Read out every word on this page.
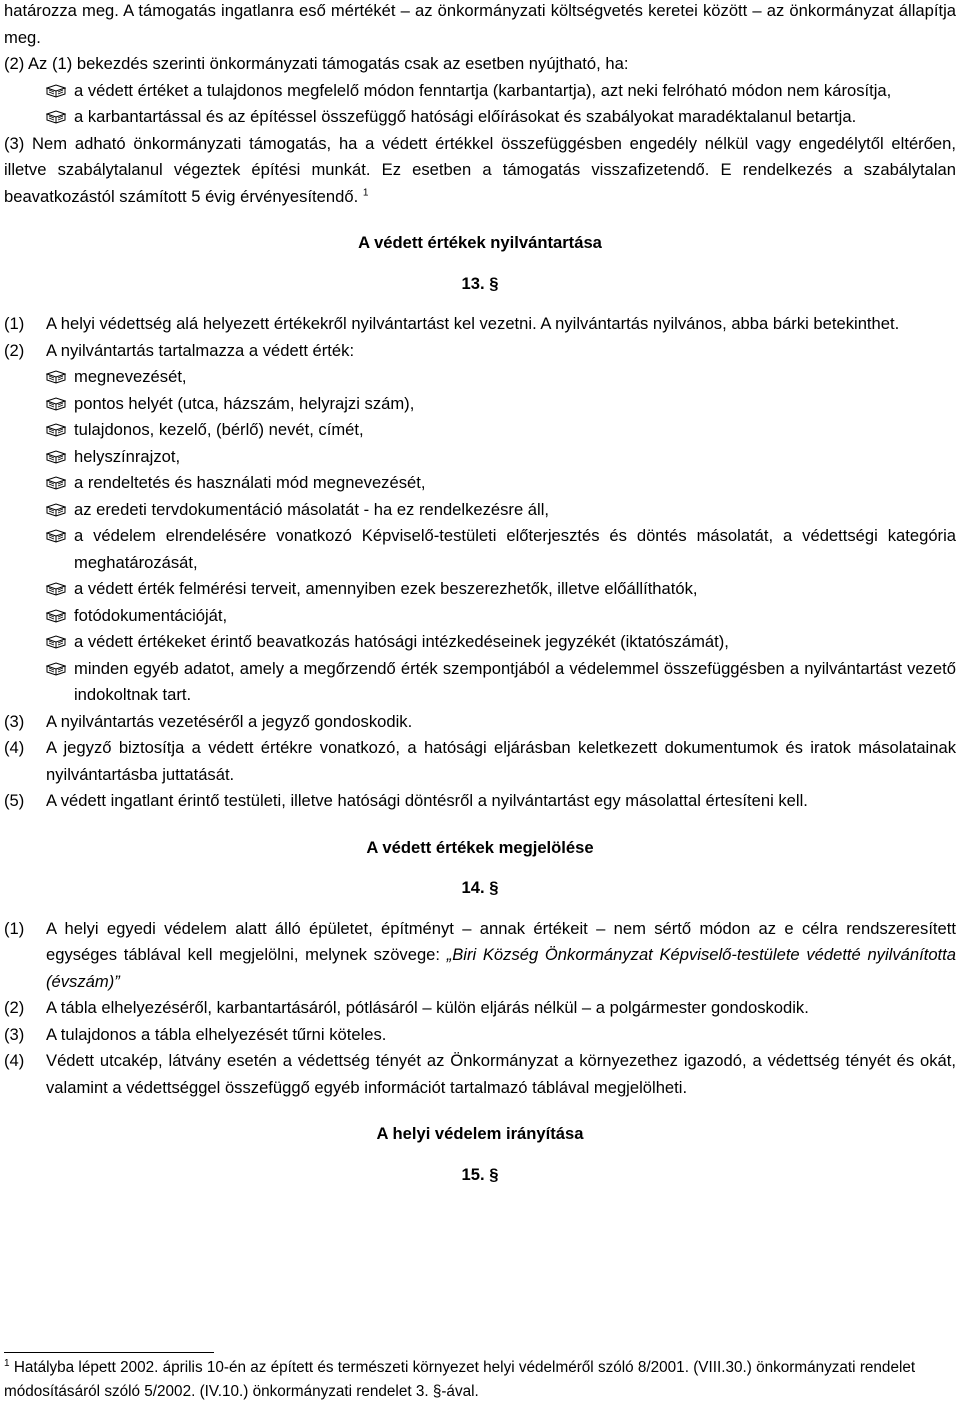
határozza meg. A támogatás ingatlanra eső mértékét – az önkormányzati költségvetés keretei között – az önkormányzat állapítja meg.

(2) Az (1) bekezdés szerinti önkormányzati támogatás csak az esetben nyújtható, ha:

a védett értéket a tulajdonos megfelelő módon fenntartja (karbantartja), azt neki felróható módon nem károsítja,
a karbantartással és az építéssel összefüggő hatósági előírásokat és szabályokat maradéktalanul betartja.

(3) Nem adható önkormányzati támogatás, ha a védett értékkel összefüggésben engedély nélkül vagy engedélytől eltérően, illetve szabálytalanul végeztek építési munkát. Ez esetben a támogatás visszafizetendő. E rendelkezés a szabálytalan beavatkozástól számított 5 évig érvényesítendő. $^1$

A védett értékek nyilvántartása

13. §

(1) A helyi védettség alá helyezett értékekről nyilvántartást kel vezetni. A nyilvántartás nyilvános, abba bárki betekinthet.
(2) A nyilvántartás tartalmazza a védett érték:
megnevezését,
pontos helyét (utca, házszám, helyrajzi szám),
tulajdonos, kezelő, (bérlő) nevét, címét,
helyszínrajzot,
a rendeltetés és használati mód megnevezését,
az eredeti tervdokumentáció másolatát - ha ez rendelkezésre áll,
a védelem elrendelésére vonatkozó Képviselő-testületi előterjesztés és döntés másolatát, a védettségi kategória meghatározását,
a védett érték felmérési terveit, amennyiben ezek beszerezhetők, illetve előállíthatók,
fotódokumentációját,
a védett értékeket érintő beavatkozás hatósági intézkedéseinek jegyzékét (iktatószámát),
minden egyéb adatot, amely a megőrzendő érték szempontjából a védelemmel összefüggésben a nyilvántartást vezető indokoltnak tart.
(3) A nyilvántartás vezetéséről a jegyző gondoskodik.
(4) A jegyző biztosítja a védett értékre vonatkozó, a hatósági eljárásban keletkezett dokumentumok és iratok másolatainak nyilvántartásba juttatását.
(5) A védett ingatlant érintő testületi, illetve hatósági döntésről a nyilvántartást egy másolattal értesíteni kell.

A védett értékek megjelölése

14. §

(1) A helyi egyedi védelem alatt álló épületet, építményt – annak értékeit – nem sértő módon az e célra rendszeresített egységes táblával kell megjelölni, melynek szövege: „Biri Község Önkormányzat Képviselő-testülete védetté nyilvánította (évszám)”
(2) A tábla elhelyezéséről, karbantartásáról, pótlásáról – külön eljárás nélkül – a polgármester gondoskodik.
(3) A tulajdonos a tábla elhelyezését tűrni köteles.
(4) Védett utcakép, látvány esetén a védettség tényét az Önkormányzat a környezethez igazodó, a védettség tényét és okát, valamint a védettséggel összefüggő egyéb információt tartalmazó táblával megjelölheti.

A helyi védelem irányítása

15. §

$^1$ Hatályba lépett 2002. április 10-én az épített és természeti környezet helyi védelméről szóló 8/2001. (VIII.30.) önkormányzati rendelet módosításáról szóló 5/2002. (IV.10.) önkormányzati rendelet 3. §-ával.
